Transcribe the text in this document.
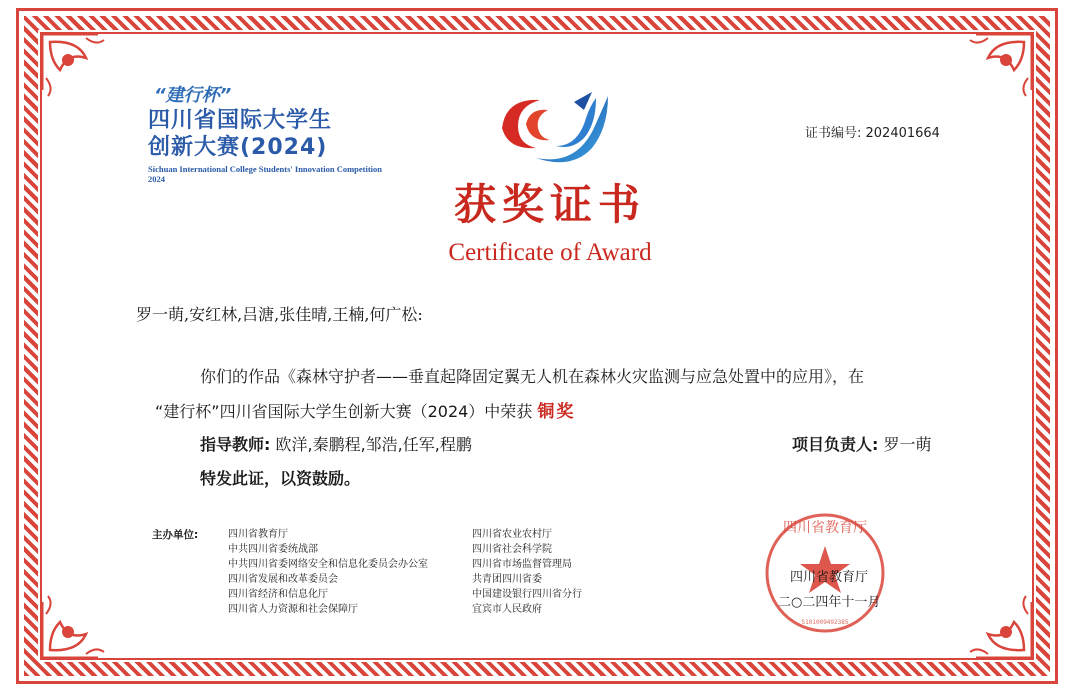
“建行杯”
四川省国际大学生
创新大赛(2024)
Sichuan International College Students' Innovation Competition 2024
证书编号: 202401664
获奖证书
Certificate of Award
罗一萌,安红林,吕溏,张佳晴,王楠,何广松:
你们的作品《森林守护者——垂直起降固定翼无人机在森林火灾监测与应急处置中的应用》，在
“建行杯”四川省国际大学生创新大赛（2024）中荣获 铜奖
指导教师: 欧洋,秦鹏程,邹浩,任军,程鹏	项目负责人: 罗一萌
特发此证，以资鼓励。
主办单位:	四川省教育厅
中共四川省委统战部
中共四川省委网络安全和信息化委员会办公室
四川省发展和改革委员会
四川省经济和信息化厅
四川省人力资源和社会保障厅
四川省农业农村厅
四川省社会科学院
四川省市场监督管理局
共青团四川省委
中国建设银行四川省分行
宜宾市人民政府
四川省教育厅
5101009492385
四川省教育厅
二○二四年十一月
